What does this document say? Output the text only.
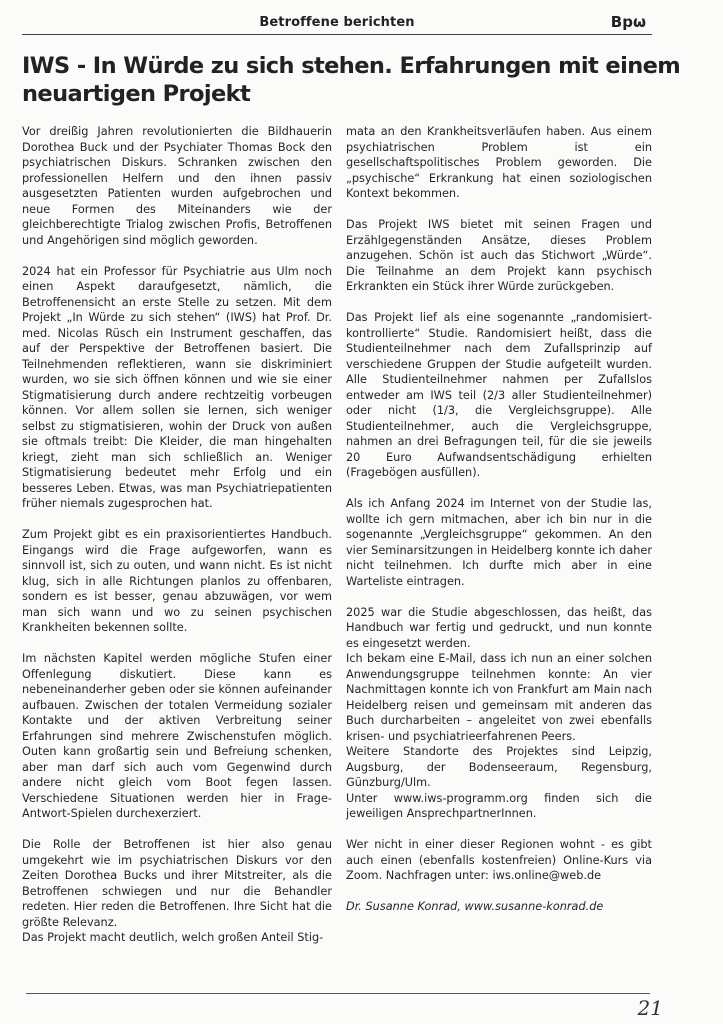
Betroffene berichten	Bpω
IWS - In Würde zu sich stehen. Erfahrungen mit einem neuartigen Projekt

Vor dreißig Jahren revolutionierten die Bildhauerin Dorothea Buck und der Psychiater Thomas Bock den psychiatrischen Diskurs. Schranken zwischen den professionellen Helfern und den ihnen passiv ausgesetzten Patienten wurden aufgebrochen und neue Formen des Miteinanders wie der gleichberechtigte Trialog zwischen Profis, Betroffenen und Angehörigen sind möglich geworden.

2024 hat ein Professor für Psychiatrie aus Ulm noch einen Aspekt daraufgesetzt, nämlich, die Betroffenensicht an erste Stelle zu setzen. Mit dem Projekt „In Würde zu sich stehen“ (IWS) hat Prof. Dr. med. Nicolas Rüsch ein Instrument geschaffen, das auf der Perspektive der Betroffenen basiert. Die Teilnehmenden reflektieren, wann sie diskriminiert wurden, wo sie sich öffnen können und wie sie einer Stigmatisierung durch andere rechtzeitig vorbeugen können. Vor allem sollen sie lernen, sich weniger selbst zu stigmatisieren, wohin der Druck von außen sie oftmals treibt: Die Kleider, die man hingehalten kriegt, zieht man sich schließlich an. Weniger Stigmatisierung bedeutet mehr Erfolg und ein besseres Leben. Etwas, was man Psychiatriepatienten früher niemals zugesprochen hat.

Zum Projekt gibt es ein praxisorientiertes Handbuch. Eingangs wird die Frage aufgeworfen, wann es sinnvoll ist, sich zu outen, und wann nicht. Es ist nicht klug, sich in alle Richtungen planlos zu offenbaren, sondern es ist besser, genau abzuwägen, vor wem man sich wann und wo zu seinen psychischen Krankheiten bekennen sollte.

Im nächsten Kapitel werden mögliche Stufen einer Offenlegung diskutiert. Diese kann es nebeneinanderher geben oder sie können aufeinander aufbauen. Zwischen der totalen Vermeidung sozialer Kontakte und der aktiven Verbreitung seiner Erfahrungen sind mehrere Zwischenstufen möglich. Outen kann großartig sein und Befreiung schenken, aber man darf sich auch vom Gegenwind durch andere nicht gleich vom Boot fegen lassen. Verschiedene Situationen werden hier in Frage-Antwort-Spielen durchexerziert.

Die Rolle der Betroffenen ist hier also genau umgekehrt wie im psychiatrischen Diskurs vor den Zeiten Dorothea Bucks und ihrer Mitstreiter, als die Betroffenen schwiegen und nur die Behandler redeten. Hier reden die Betroffenen. Ihre Sicht hat die größte Relevanz.

Das Projekt macht deutlich, welch großen Anteil Stig-

mata an den Krankheitsverläufen haben. Aus einem psychiatrischen Problem ist ein gesellschaftspolitisches Problem geworden. Die „psychische“ Erkrankung hat einen soziologischen Kontext bekommen.

Das Projekt IWS bietet mit seinen Fragen und Erzählgegenständen Ansätze, dieses Problem anzugehen. Schön ist auch das Stichwort „Würde“. Die Teilnahme an dem Projekt kann psychisch Erkrankten ein Stück ihrer Würde zurückgeben.

Das Projekt lief als eine sogenannte „randomisiert-kontrollierte“ Studie. Randomisiert heißt, dass die Studienteilnehmer nach dem Zufallsprinzip auf verschiedene Gruppen der Studie aufgeteilt wurden. Alle Studienteilnehmer nahmen per Zufallslos entweder am IWS teil (2/3 aller Studienteilnehmer) oder nicht (1/3, die Vergleichsgruppe). Alle Studienteilnehmer, auch die Vergleichsgruppe, nahmen an drei Befragungen teil, für die sie jeweils 20 Euro Aufwandsentschädigung erhielten (Fragebögen ausfüllen).

Als ich Anfang 2024 im Internet von der Studie las, wollte ich gern mitmachen, aber ich bin nur in die sogenannte „Vergleichsgruppe“ gekommen. An den vier Seminarsitzungen in Heidelberg konnte ich daher nicht teilnehmen. Ich durfte mich aber in eine Warteliste eintragen.

2025 war die Studie abgeschlossen, das heißt, das Handbuch war fertig und gedruckt, und nun konnte es eingesetzt werden.

Ich bekam eine E-Mail, dass ich nun an einer solchen Anwendungsgruppe teilnehmen konnte: An vier Nachmittagen konnte ich von Frankfurt am Main nach Heidelberg reisen und gemeinsam mit anderen das Buch durcharbeiten – angeleitet von zwei ebenfalls krisen- und psychiatrieerfahrenen Peers.

Weitere Standorte des Projektes sind Leipzig, Augsburg, der Bodenseeraum, Regensburg, Günzburg/Ulm.

Unter www.iws-programm.org finden sich die jeweiligen AnsprechpartnerInnen.

Wer nicht in einer dieser Regionen wohnt - es gibt auch einen (ebenfalls kostenfreien) Online-Kurs via Zoom. Nachfragen unter: iws.online@web.de

Dr. Susanne Konrad, www.susanne-konrad.de

21
